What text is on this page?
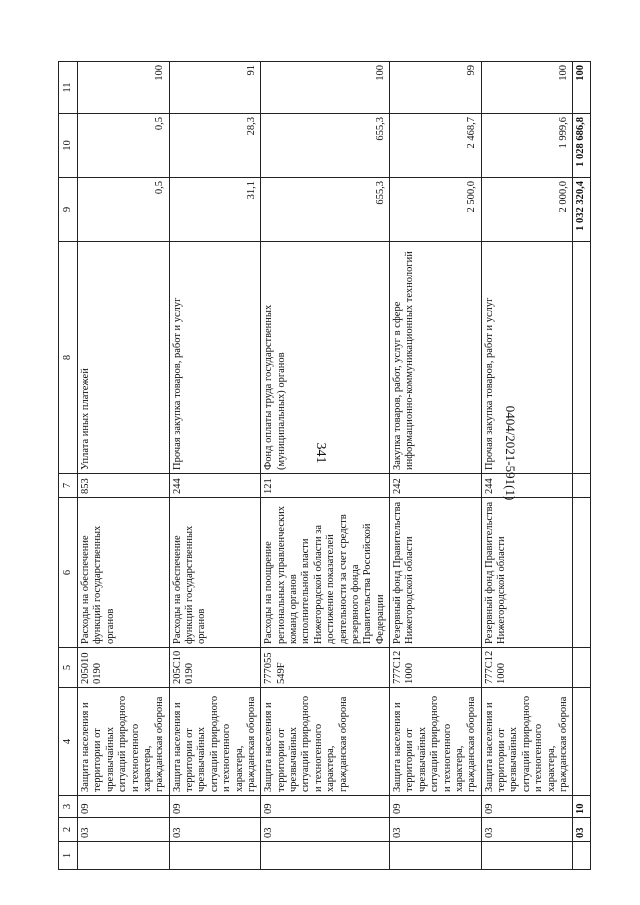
341
1	2	3	4	5	6	7	8	9	10	11
	03	09	Защита населения и территории от чрезвычайных ситуаций природного и техногенного характера, гражданская оборона	205010 0190	Расходы на обеспечение функций государственных органов	853	Уплата иных платежей	0,5	0,5	100
	03	09	Защита населения и территории от чрезвычайных ситуаций природного и техногенного характера, гражданская оборона	205С10 0190	Расходы на обеспечение функций государственных органов	244	Прочая закупка товаров, работ и услуг	31,1	28,3	91
	03	09	Защита населения и территории от чрезвычайных ситуаций природного и техногенного характера, гражданская оборона	777055 549F	Расходы на поощрение региональных управленческих команд органов исполнительной власти Нижегородской области за достижение показателей деятельности за счет средств резервного фонда Правительства Российской Федерации	121	Фонд оплаты труда государственных (муниципальных) органов	655,3	655,3	100
	03	09	Защита населения и территории от чрезвычайных ситуаций природного и техногенного характера, гражданская оборона	777С12 1000	Резервный фонд Правительства Нижегородской области	242	Закупка товаров, работ, услуг в сфере информационно-коммуникационных технологий	2 500,0	2 468,7	99
	03	09	Защита населения и территории от чрезвычайных ситуаций природного и техногенного характера, гражданская оборона	777С12 1000	Резервный фонд Правительства Нижегородской области	244	Прочая закупка товаров, работ и услуг	2 000,0	1 999,6	100
	03	10						1 032 320,4	1 028 686,8	100
0404/2021-591(1)
